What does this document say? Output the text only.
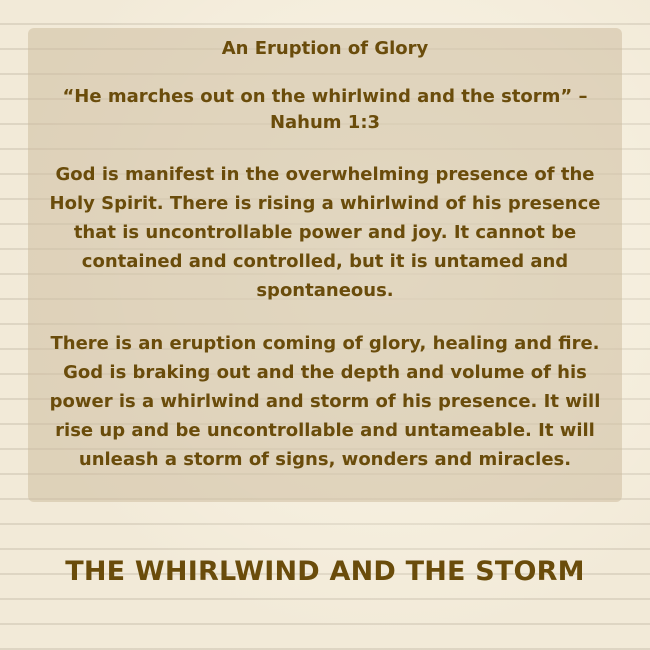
An Eruption of Glory

“He marches out on the whirlwind and the storm” – Nahum 1:3

God is manifest in the overwhelming presence of the Holy Spirit. There is rising a whirlwind of his presence that is uncontrollable power and joy. It cannot be contained and controlled, but it is untamed and spontaneous.

There is an eruption coming of glory, healing and fire. God is braking out and the depth and volume of his power is a whirlwind and storm of his presence. It will rise up and be uncontrollable and untameable. It will unleash a storm of signs, wonders and miracles.

THE WHIRLWIND AND THE STORM
